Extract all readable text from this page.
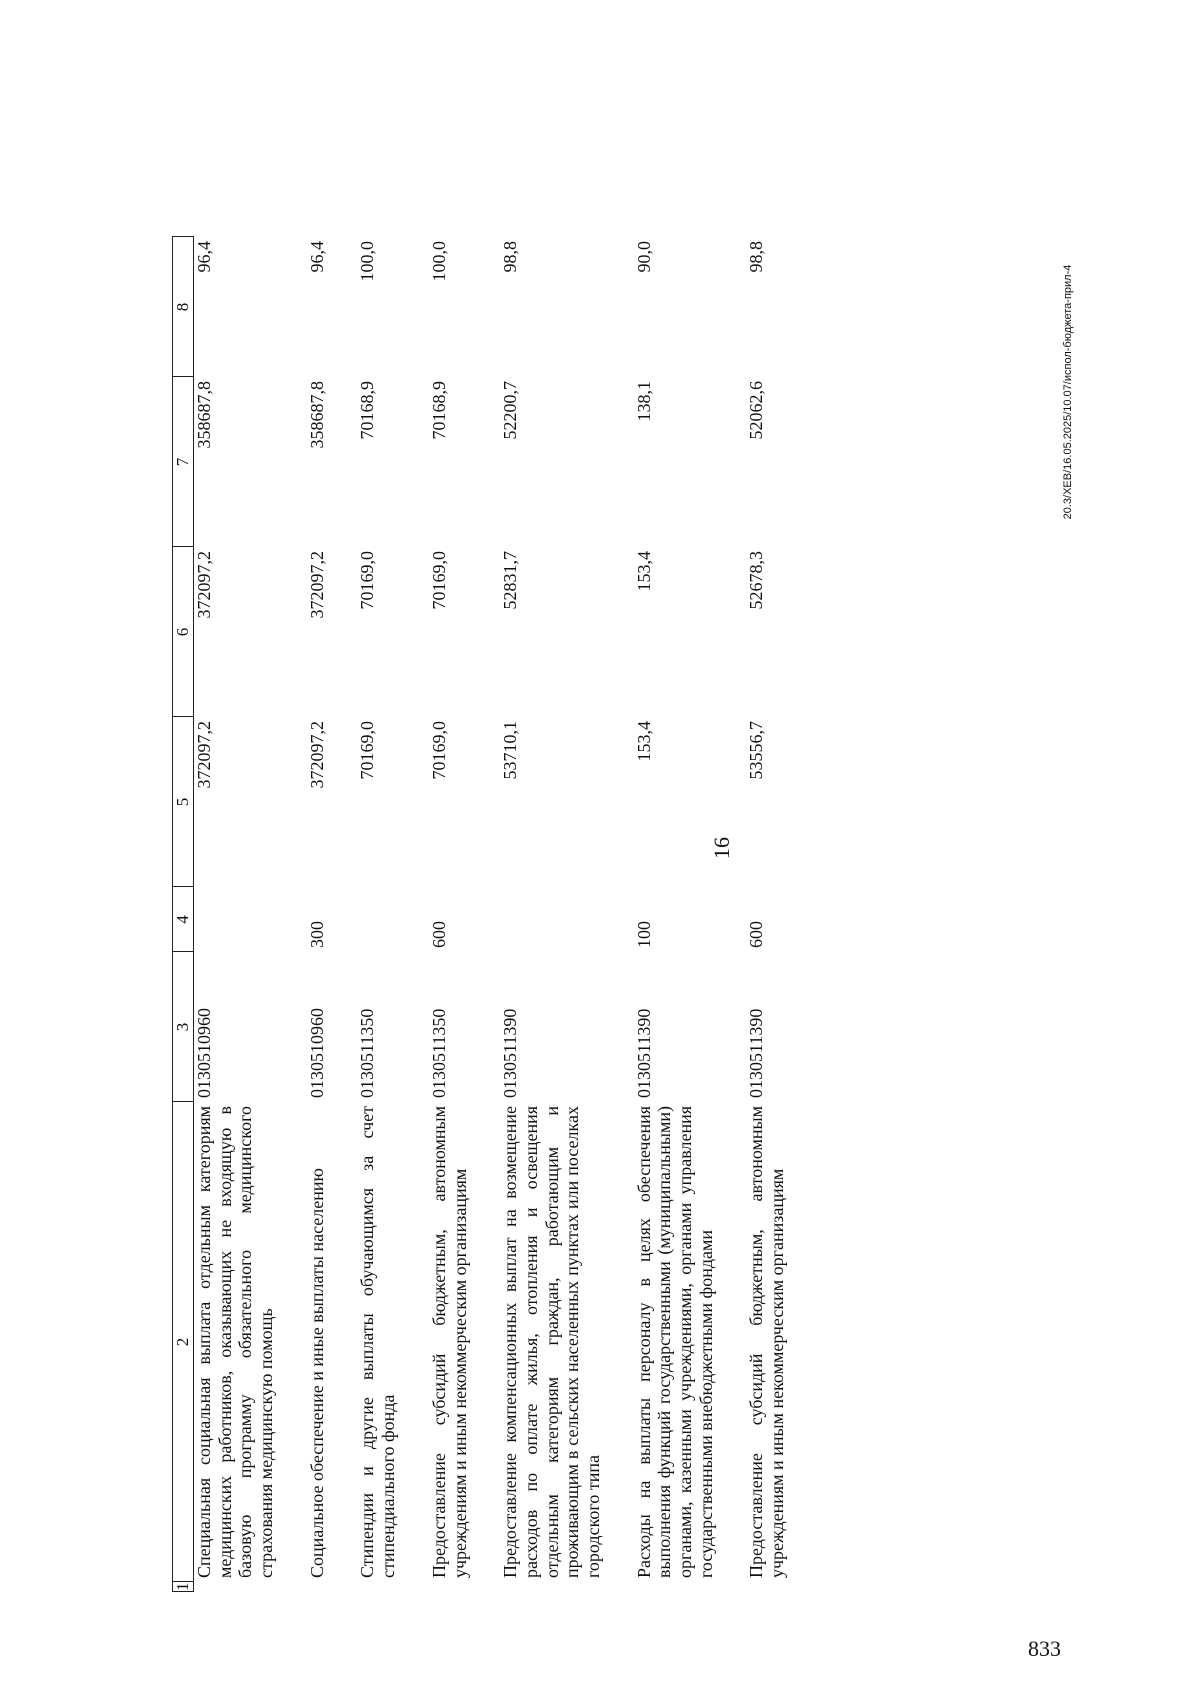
16
1	2	3	4	5	6	7	8
	Специальная социальная выплата отдельным категориям медицинских работников, оказывающих не входящую в базовую программу обязательного медицинского страхования медицинскую помощь	0130510960		372097,2	372097,2	358687,8	96,4
	Социальное обеспечение и иные выплаты населению	0130510960	300	372097,2	372097,2	358687,8	96,4
	Стипендии и другие выплаты обучающимся за счет стипендиального фонда	0130511350		70169,0	70169,0	70168,9	100,0
	Предоставление субсидий бюджетным, автономным учреждениям и иным некоммерческим организациям	0130511350	600	70169,0	70169,0	70168,9	100,0
	Предоставление компенсационных выплат на возмещение расходов по оплате жилья, отопления и освещения отдельным категориям граждан, работающим и проживающим в сельских населенных пунктах или поселках городского типа	0130511390		53710,1	52831,7	52200,7	98,8
	Расходы на выплаты персоналу в целях обеспечения выполнения функций государственными (муниципальными) органами, казенными учреждениями, органами управления государственными внебюджетными фондами	0130511390	100	153,4	153,4	138,1	90,0
	Предоставление субсидий бюджетным, автономным учреждениям и иным некоммерческим организациям	0130511390	600	53556,7	52678,3	52062,6	98,8
20.3/ХЕВ/16.05.2025/10.07/испол-бюджета-прил-4
833
